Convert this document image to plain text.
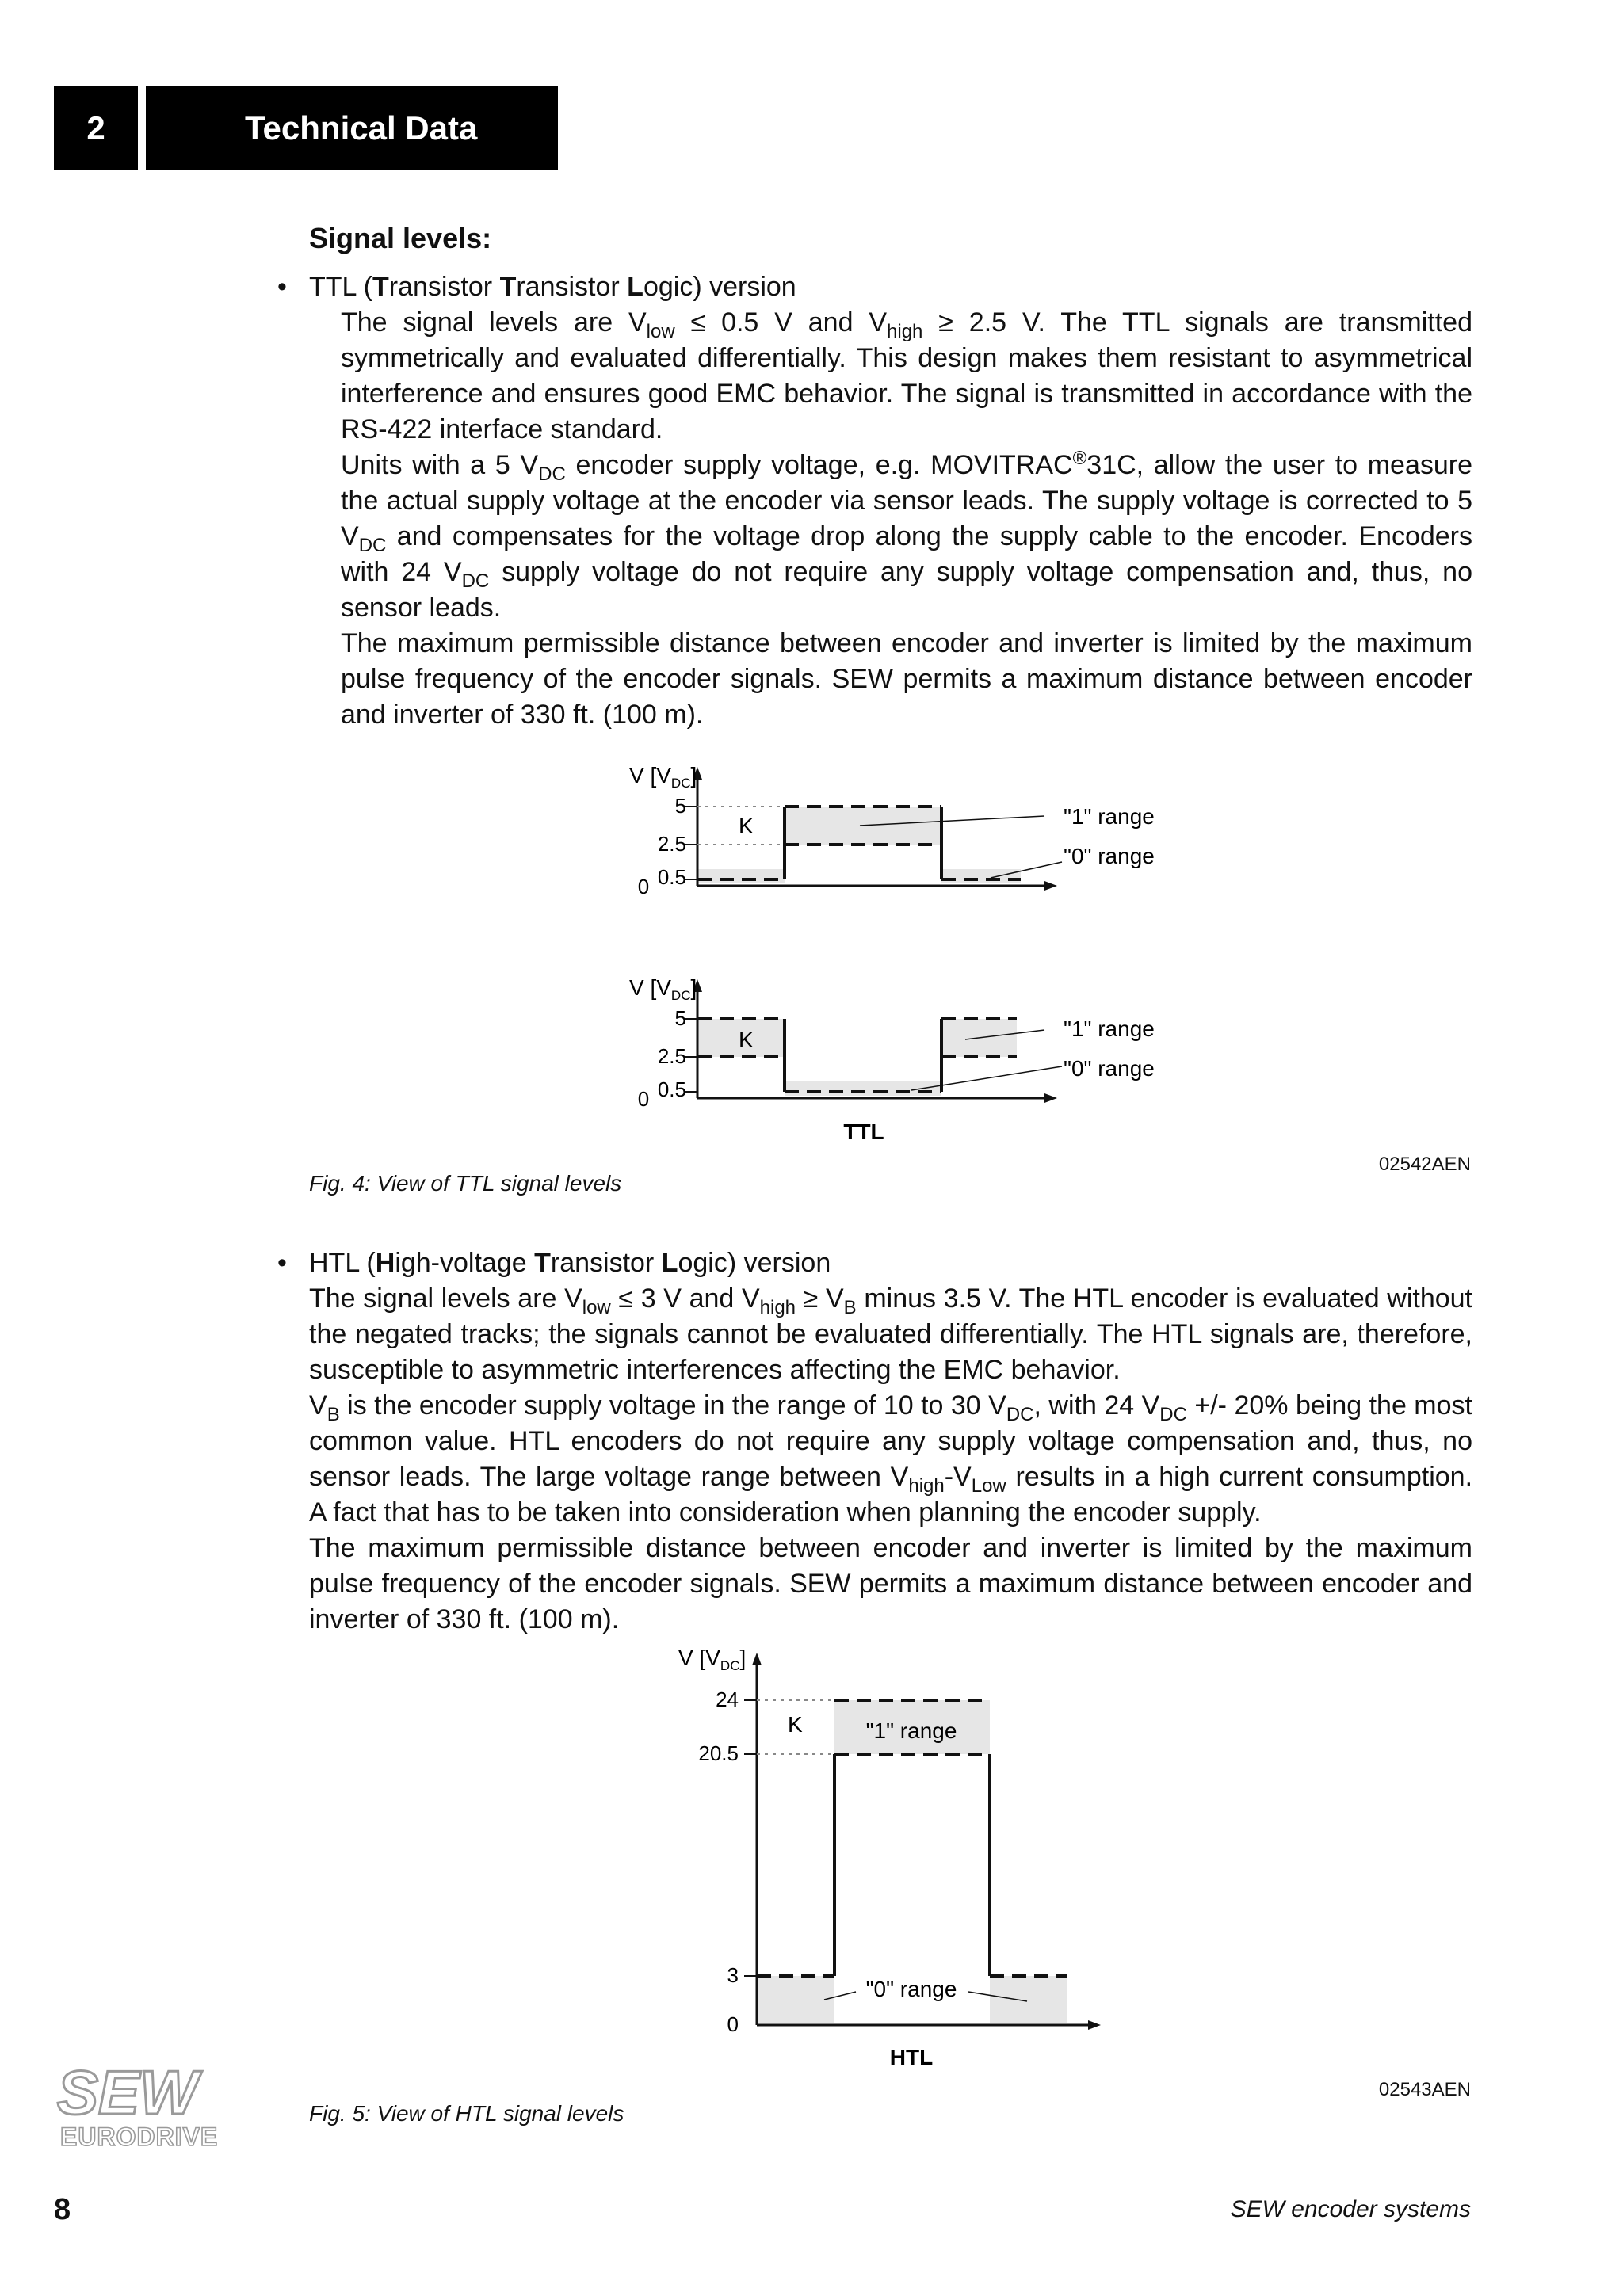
2	Technical Data
Signal levels:

• TTL (Transistor Transistor Logic) version

The signal levels are $V_{low} \le 0.5$ V and $V_{high} \ge 2.5$ V. The TTL signals are transmitted symmetrically and evaluated differentially. This design makes them resistant to asymmetrical interference and ensures good EMC behavior. The signal is transmitted in accordance with the RS-422 interface standard.

Units with a 5 $V_{DC}$ encoder supply voltage, e.g. MOVITRAC®31C, allow the user to measure the actual supply voltage at the encoder via sensor leads. The supply voltage is corrected to 5 $V_{DC}$ and compensates for the voltage drop along the supply cable to the encoder. Encoders with 24 $V_{DC}$ supply voltage do not require any supply voltage compensation and, thus, no sensor leads.

The maximum permissible distance between encoder and inverter is limited by the maximum pulse frequency of the encoder signals. SEW permits a maximum distance between encoder and inverter of 330 ft. (100 m).

V $[V_{DC}]$
5
2.5
0.5
0
K	"1" range
"0" range
V $[V_{DC}]$
5
2.5
0.5
0
K	"1" range
"0" range
TTL
V $[V_{DC}]$
24
20.5
3
0
K	"1" range
"0" range
HTL
Fig. 4: View of TTL signal levels
02542AEN

• HTL (High-voltage Transistor Logic) version

The signal levels are $V_{low} \le 3$ V and $V_{high} \ge V_B$ minus 3.5 V. The HTL encoder is evaluated without the negated tracks; the signals cannot be evaluated differentially. The HTL signals are, therefore, susceptible to asymmetric interferences affecting the EMC behavior.

$V_B$ is the encoder supply voltage in the range of 10 to 30 $V_{DC}$, with 24 $V_{DC}$ +/- 20% being the most common value. HTL encoders do not require any supply voltage compensation and, thus, no sensor leads. The large voltage range between $V_{high}-V_{Low}$ results in a high current consumption. A fact that has to be taken into consideration when planning the encoder supply.

The maximum permissible distance between encoder and inverter is limited by the maximum pulse frequency of the encoder signals. SEW permits a maximum distance between encoder and inverter of 330 ft. (100 m).

Fig. 5: View of HTL signal levels
02543AEN
SEW
EURODRIVE
8	SEW encoder systems
